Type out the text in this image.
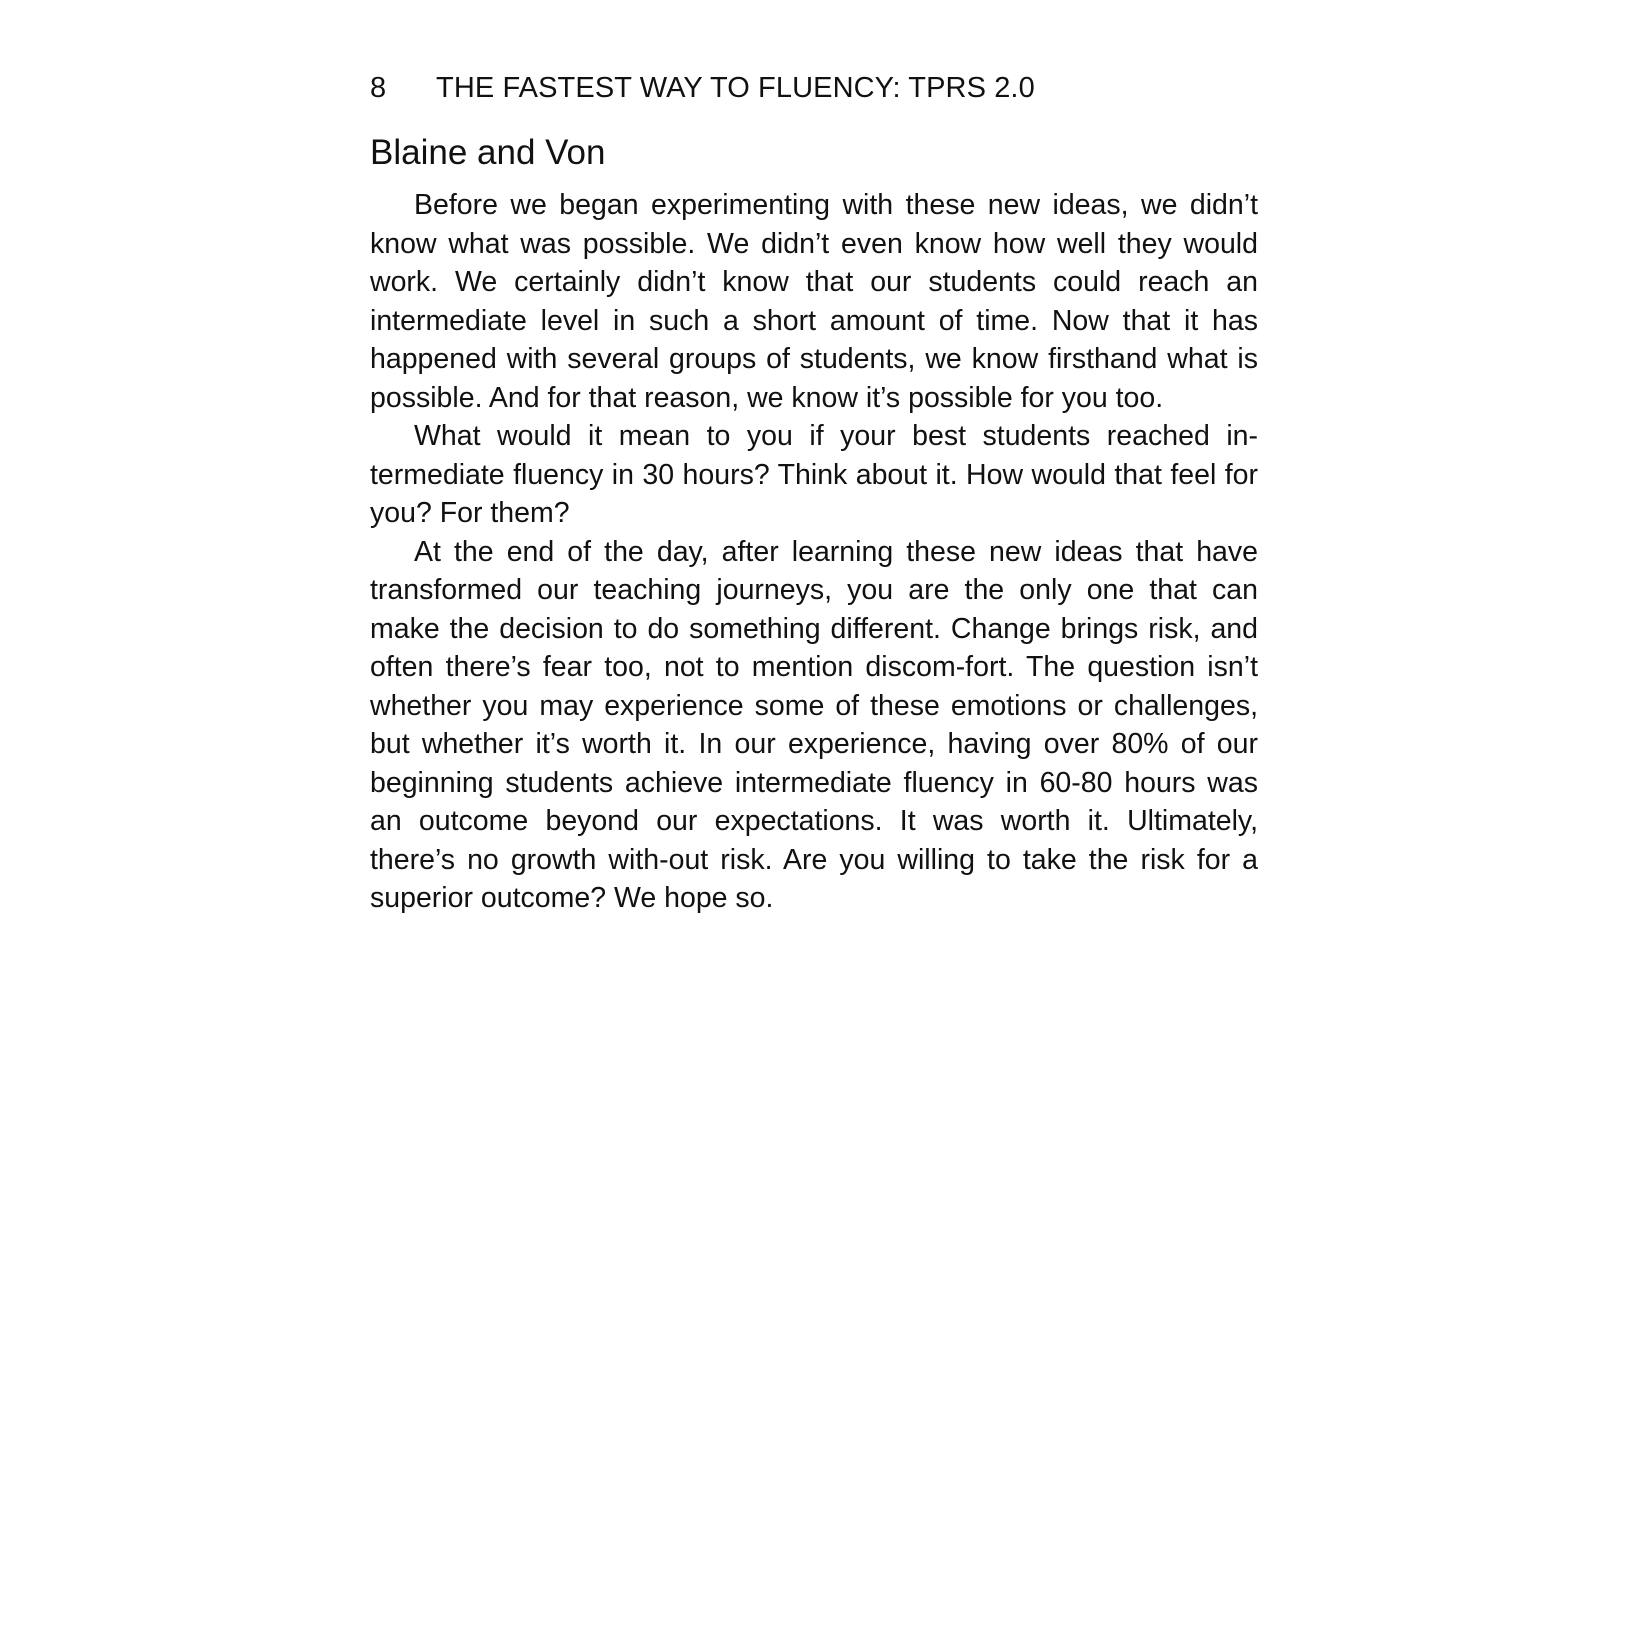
8 THE FASTEST WAY TO FLUENCY: TPRS 2.0
Blaine and Von

Before we began experimenting with these new ideas, we didn’t know what was possible. We didn’t even know how well they would work. We certainly didn’t know that our students could reach an intermediate level in such a short amount of time. Now that it has happened with several groups of students, we know firsthand what is possible. And for that reason, we know it’s possible for you too.

What would it mean to you if your best students reached in-termediate fluency in 30 hours? Think about it. How would that feel for you? For them?

At the end of the day, after learning these new ideas that have transformed our teaching journeys, you are the only one that can make the decision to do something different. Change brings risk, and often there’s fear too, not to mention discom-fort. The question isn’t whether you may experience some of these emotions or challenges, but whether it’s worth it. In our experience, having over 80% of our beginning students achieve intermediate fluency in 60-80 hours was an outcome beyond our expectations. It was worth it. Ultimately, there’s no growth with-out risk. Are you willing to take the risk for a superior outcome? We hope so.
